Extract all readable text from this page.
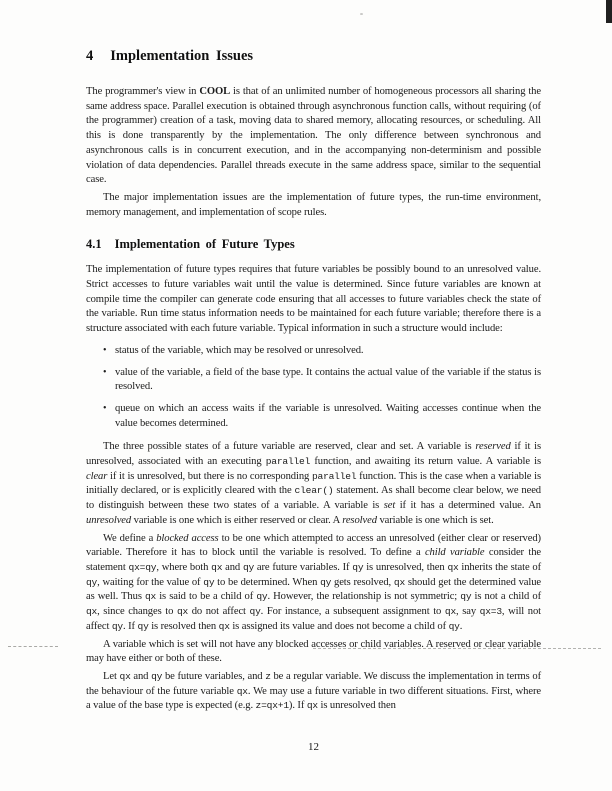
4 Implementation Issues

The programmer's view in COOL is that of an unlimited number of homogeneous processors all sharing the same address space. Parallel execution is obtained through asynchronous function calls, without requiring (of the programmer) creation of a task, moving data to shared memory, allocating resources, or scheduling. All this is done transparently by the implementation. The only difference between synchronous and asynchronous calls is in concurrent execution, and in the accompanying non-determinism and possible violation of data dependencies. Parallel threads execute in the same address space, similar to the sequential case.

The major implementation issues are the implementation of future types, the run-time environment, memory management, and implementation of scope rules.

4.1 Implementation of Future Types

The implementation of future types requires that future variables be possibly bound to an unresolved value. Strict accesses to future variables wait until the value is determined. Since future variables are known at compile time the compiler can generate code ensuring that all accesses to future variables check the state of the variable. Run time status information needs to be maintained for each future variable; therefore there is a structure associated with each future variable. Typical information in such a structure would include:

• status of the variable, which may be resolved or unresolved.
• value of the variable, a field of the base type. It contains the actual value of the variable if the status is resolved.
• queue on which an access waits if the variable is unresolved. Waiting accesses continue when the value becomes determined.

The three possible states of a future variable are reserved, clear and set. A variable is reserved if it is unresolved, associated with an executing parallel function, and awaiting its return value. A variable is clear if it is unresolved, but there is no corresponding parallel function. This is the case when a variable is initially declared, or is explicitly cleared with the clear() statement. As shall become clear below, we need to distinguish between these two states of a variable. A variable is set if it has a determined value. An unresolved variable is one which is either reserved or clear. A resolved variable is one which is set.

We define a blocked access to be one which attempted to access an unresolved (either clear or reserved) variable. Therefore it has to block until the variable is resolved. To define a child variable consider the statement qx=qy, where both qx and qy are future variables. If qy is unresolved, then qx inherits the state of qy, waiting for the value of qy to be determined. When qy gets resolved, qx should get the determined value as well. Thus qx is said to be a child of qy. However, the relationship is not symmetric; qy is not a child of qx, since changes to qx do not affect qy. For instance, a subsequent assignment to qx, say qx=3, will not affect qy. If qy is resolved then qx is assigned its value and does not become a child of qy.

A variable which is set will not have any blocked accesses or child variables. A reserved or clear variable may have either or both of these.

Let qx and qy be future variables, and z be a regular variable. We discuss the implementation in terms of the behaviour of the future variable qx. We may use a future variable in two different situations. First, where a value of the base type is expected (e.g. z=qx+1). If qx is unresolved then

12
